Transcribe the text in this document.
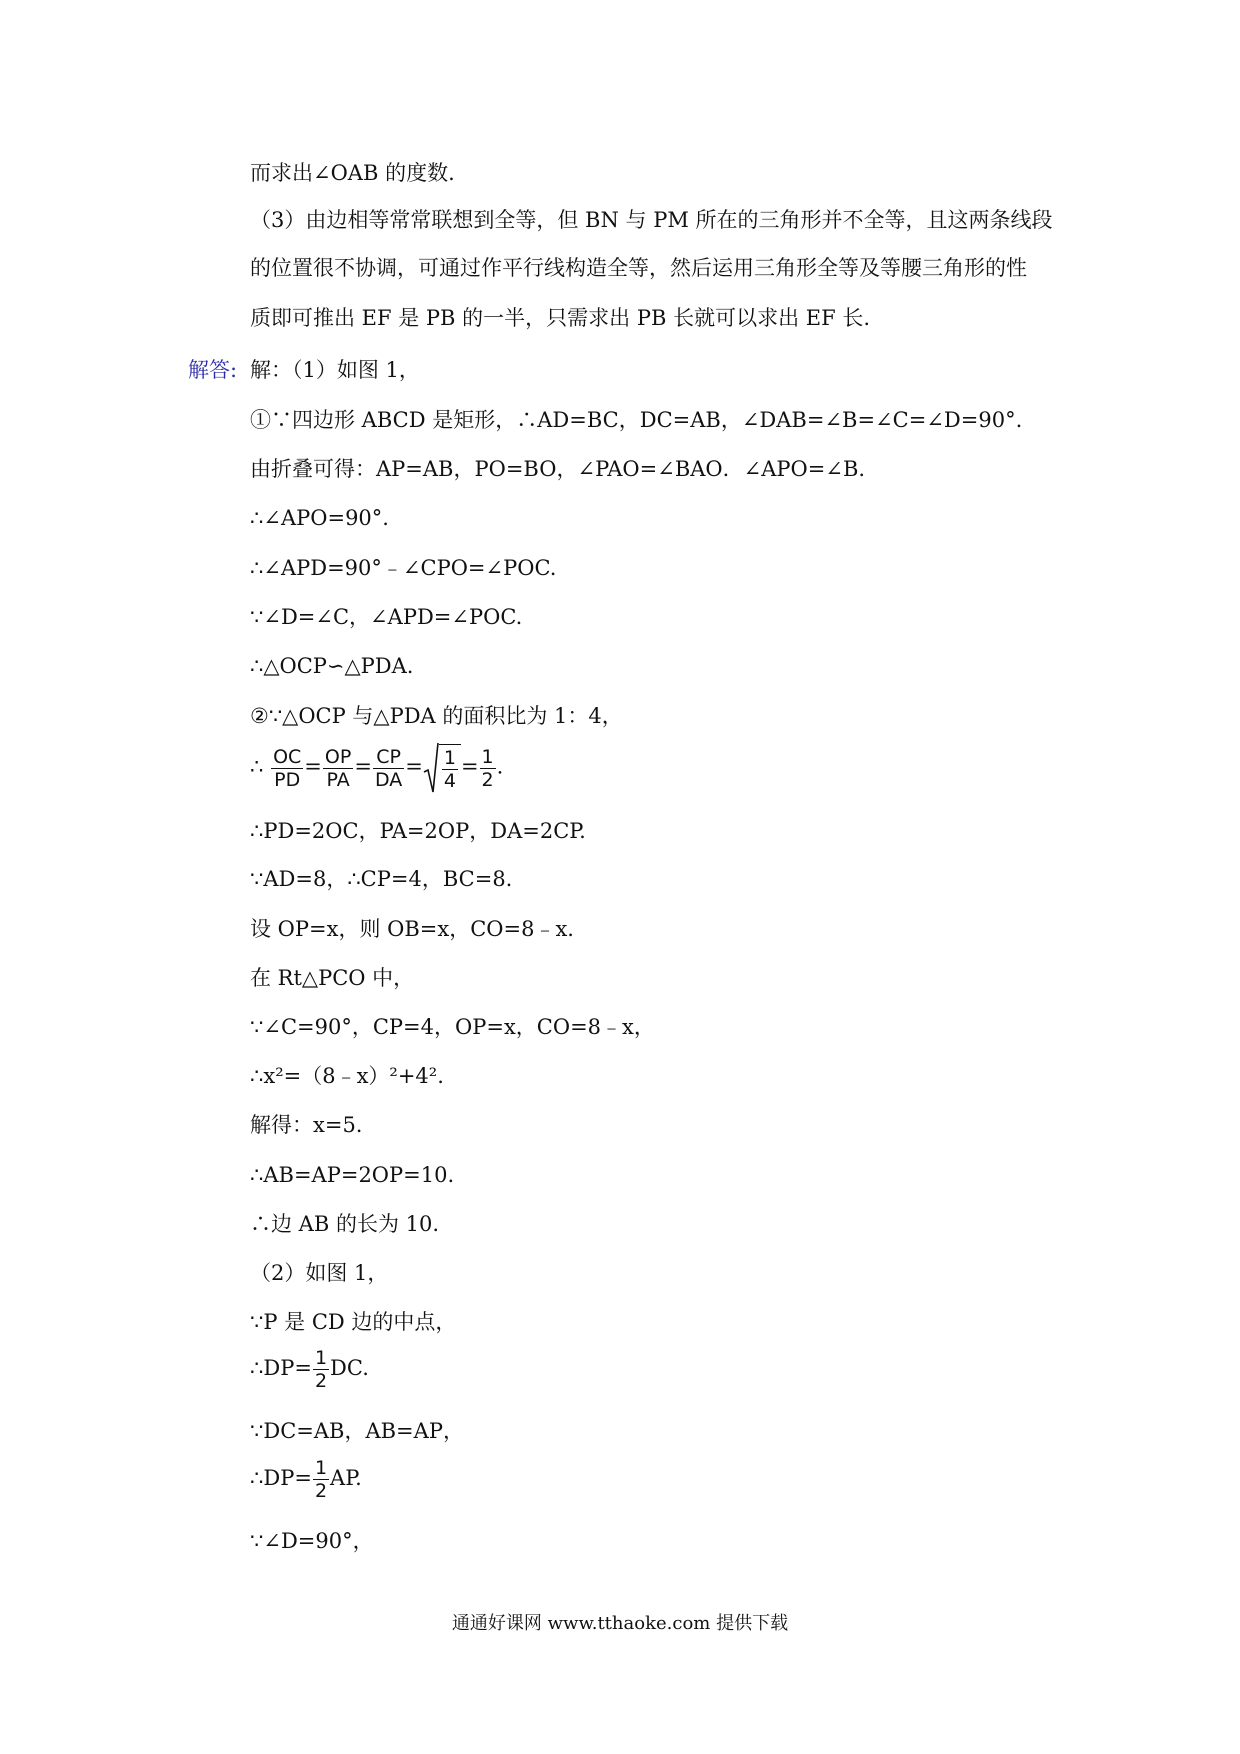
而求出∠OAB 的度数.
（3）由边相等常常联想到全等，但 BN 与 PM 所在的三角形并不全等，且这两条线段
的位置很不协调，可通过作平行线构造全等，然后运用三角形全等及等腰三角形的性
质即可推出 EF 是 PB 的一半，只需求出 PB 长就可以求出 EF 长.
解答: 解：（1）如图 1，
①∵四边形 ABCD 是矩形，∴AD=BC，DC=AB，∠DAB=∠B=∠C=∠D=90°.
由折叠可得：AP=AB，PO=BO，∠PAO=∠BAO．∠APO=∠B.
∴∠APO=90°.
∴∠APD=90°﹣∠CPO=∠POC.
∵∠D=∠C，∠APD=∠POC.
∴△OCP∽△PDA.
②∵△OCP 与△PDA 的面积比为 1：4，
∴ $\frac{OC}{PD} = \frac{OP}{PA} = \frac{CP}{DA} = \frac{1}{4} = \frac{1}{2}$ .
∴PD=2OC，PA=2OP，DA=2CP.
∵AD=8，∴CP=4，BC=8.
设 OP=x，则 OB=x，CO=8﹣x.
在 Rt△PCO 中，
∵∠C=90°，CP=4，OP=x，CO=8﹣x，
∴x²=（8﹣x）²+4².
解得：x=5.
∴AB=AP=2OP=10.
∴边 AB 的长为 10.
（2）如图 1，
∵P 是 CD 边的中点，
∴DP= $\frac{1}{2}$ DC.
∵DC=AB，AB=AP，
∴DP= $\frac{1}{2}$ AP.
∵∠D=90°，
通通好课网 www.tthaoke.com 提供下载
